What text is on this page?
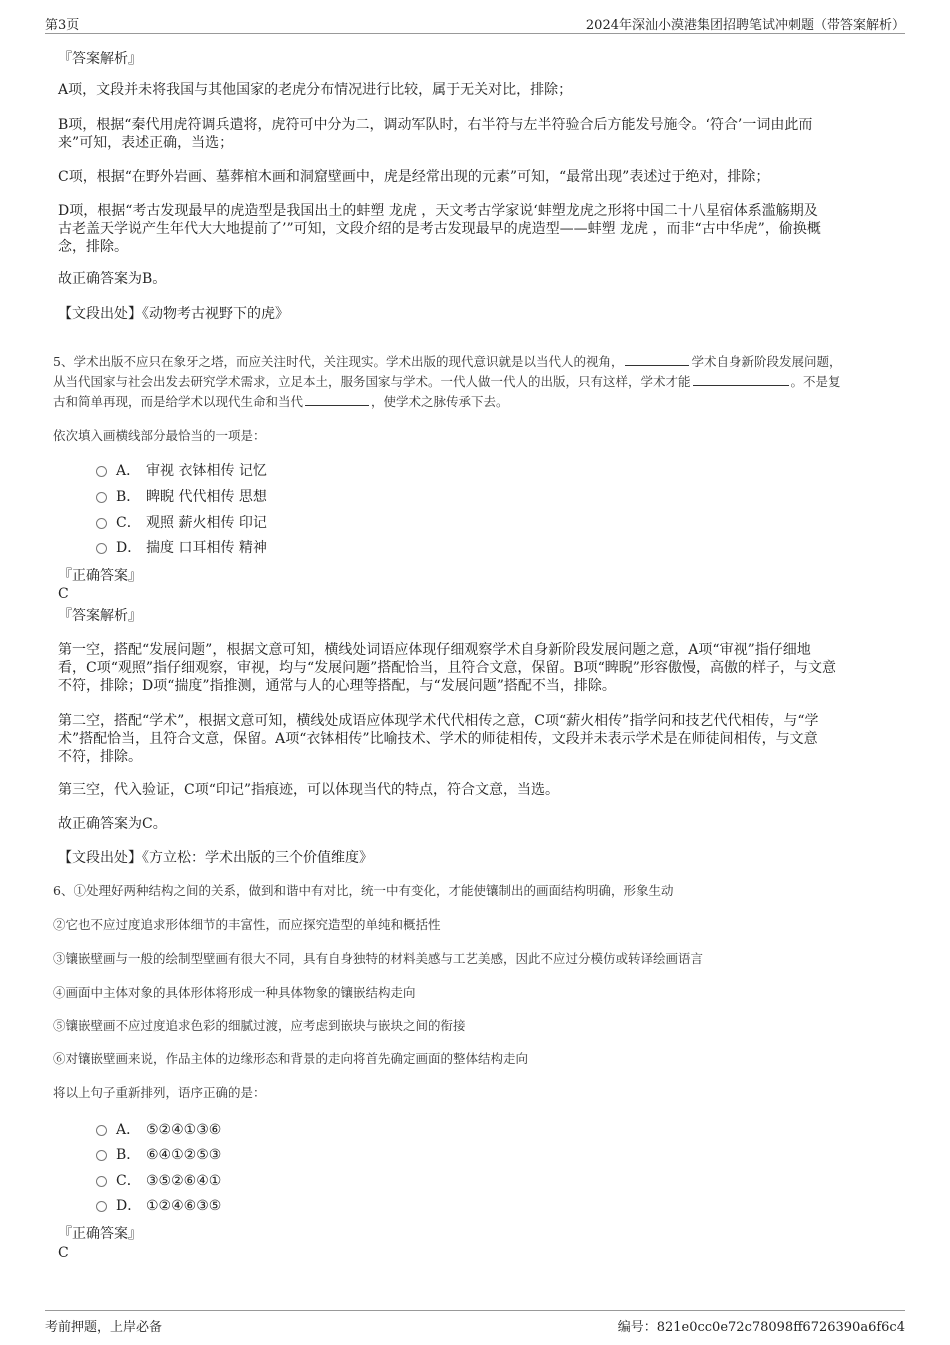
第3页	2024年深汕小漠港集团招聘笔试冲刺题（带答案解析）
『答案解析』
A项，文段并未将我国与其他国家的老虎分布情况进行比较，属于无关对比，排除；
B项，根据“秦代用虎符调兵遣将，虎符可中分为二，调动军队时，右半符与左半符验合后方能发号施令。‘符合’一词由此而
来”可知，表述正确，当选；
C项，根据“在野外岩画、墓葬棺木画和洞窟壁画中，虎是经常出现的元素”可知，“最常出现”表述过于绝对，排除；
D项，根据“考古发现最早的虎造型是我国出土的蚌塑 龙虎 ，天文考古学家说‘蚌塑龙虎之形将中国二十八星宿体系滥觞期及
古老盖天学说产生年代大大地提前了’”可知，文段介绍的是考古发现最早的虎造型——蚌塑 龙虎 ，而非“古中华虎”，偷换概
念，排除。
故正确答案为B。
【文段出处】《动物考古视野下的虎》
5、学术出版不应只在象牙之塔，而应关注时代，关注现实。学术出版的现代意识就是以当代人的视角，	学术自身新阶段发展问题，
从当代国家与社会出发去研究学术需求，立足本土，服务国家与学术。一代人做一代人的出版，只有这样，学术才能	。不是复
古和简单再现，而是给学术以现代生命和当代	，使学术之脉传承下去。
依次填入画横线部分最恰当的一项是：
A． 审视 衣钵相传 记忆
B． 睥睨 代代相传 思想
C． 观照 薪火相传 印记
D． 揣度 口耳相传 精神
『正确答案』
C
『答案解析』
第一空，搭配“发展问题”，根据文意可知，横线处词语应体现仔细观察学术自身新阶段发展问题之意，A项“审视”指仔细地
看，C项“观照”指仔细观察，审视，均与“发展问题”搭配恰当，且符合文意，保留。B项“睥睨”形容傲慢，高傲的样子，与文意
不符，排除；D项“揣度”指推测，通常与人的心理等搭配，与“发展问题”搭配不当，排除。
第二空，搭配“学术”，根据文意可知，横线处成语应体现学术代代相传之意，C项“薪火相传”指学问和技艺代代相传，与“学
术”搭配恰当，且符合文意，保留。A项“衣钵相传”比喻技术、学术的师徒相传，文段并未表示学术是在师徒间相传，与文意
不符，排除。
第三空，代入验证，C项“印记”指痕迹，可以体现当代的特点，符合文意，当选。
故正确答案为C。
【文段出处】《方立松：学术出版的三个价值维度》
6、①处理好两种结构之间的关系，做到和谐中有对比，统一中有变化，才能使镶制出的画面结构明确，形象生动
②它也不应过度追求形体细节的丰富性，而应探究造型的单纯和概括性
③镶嵌壁画与一般的绘制型壁画有很大不同，具有自身独特的材料美感与工艺美感，因此不应过分模仿或转译绘画语言
④画面中主体对象的具体形体将形成一种具体物象的镶嵌结构走向
⑤镶嵌壁画不应过度追求色彩的细腻过渡，应考虑到嵌块与嵌块之间的衔接
⑥对镶嵌壁画来说，作品主体的边缘形态和背景的走向将首先确定画面的整体结构走向
将以上句子重新排列，语序正确的是：
A． ⑤②④①③⑥
B． ⑥④①②⑤③
C． ③⑤②⑥④①
D． ①②④⑥③⑤
『正确答案』
C
考前押题，上岸必备	编号：821e0cc0e72c78098ff6726390a6f6c4
